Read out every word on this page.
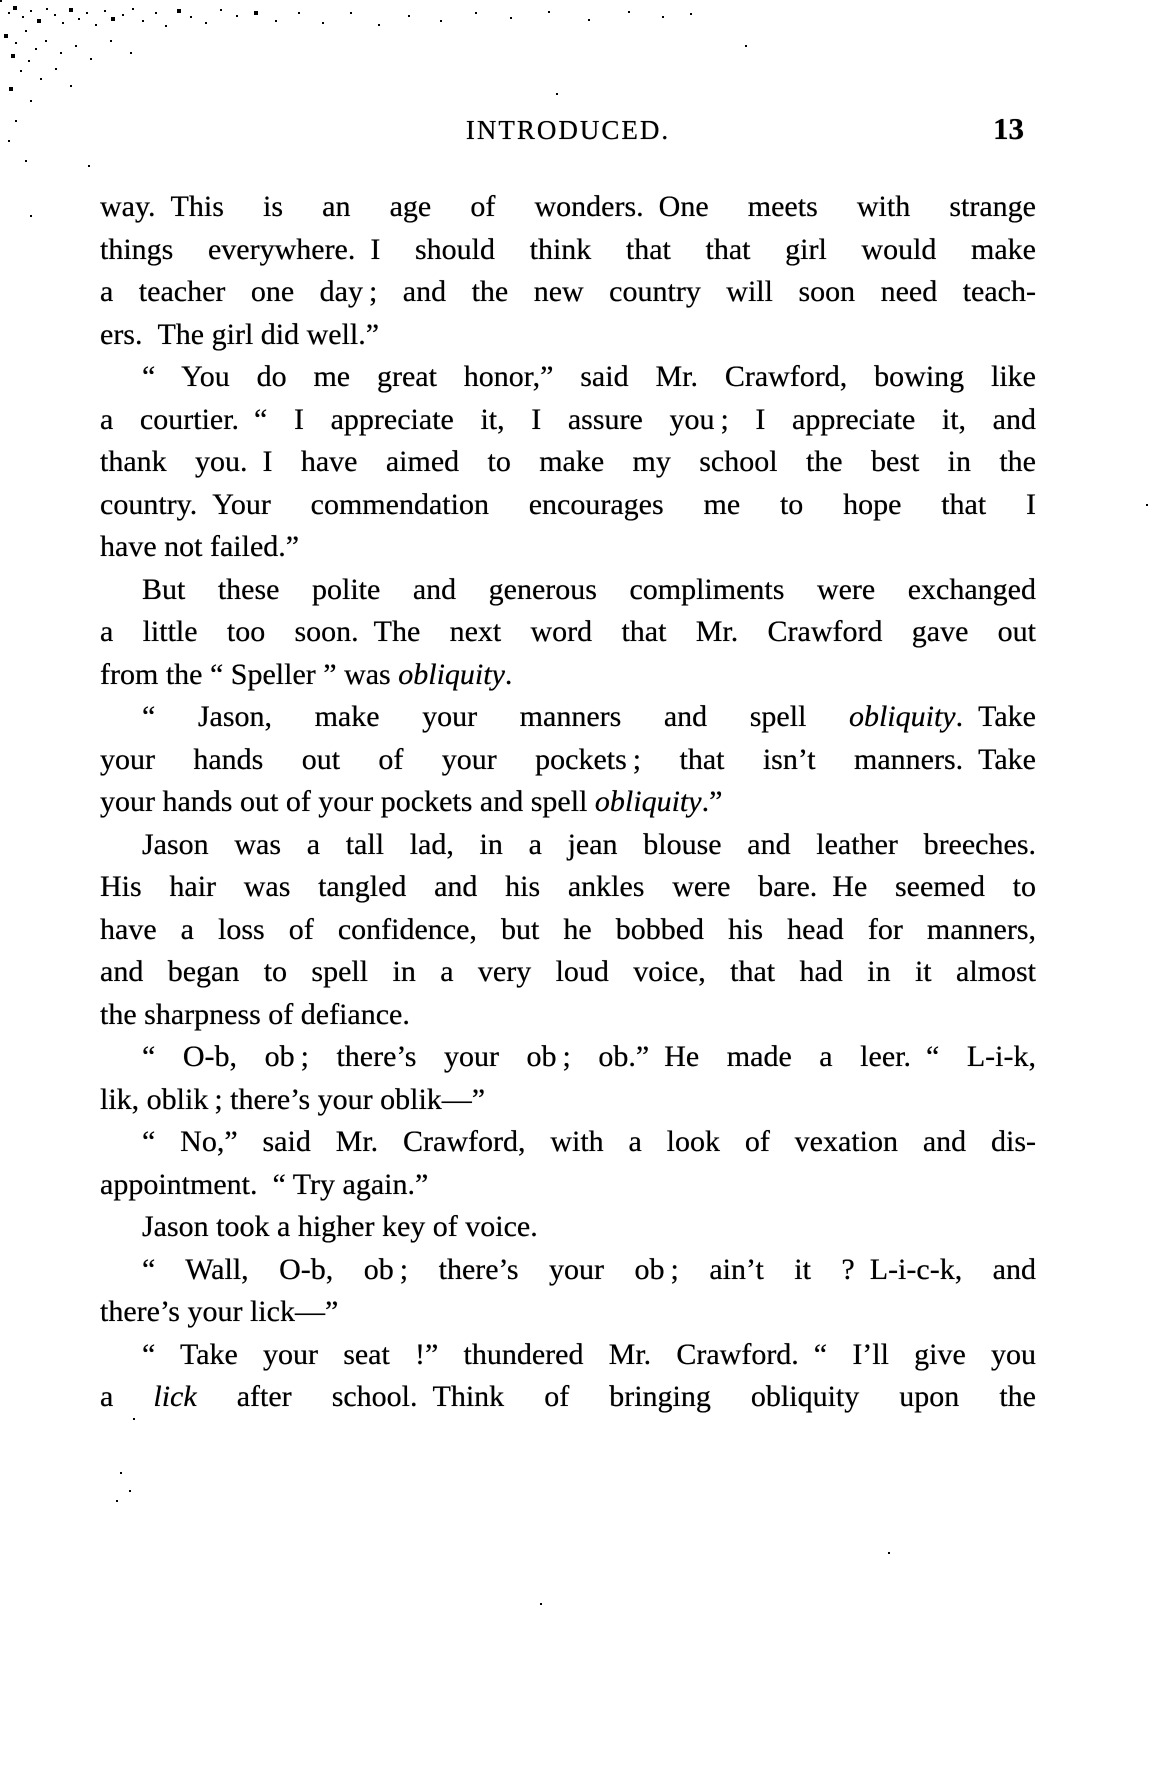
INTRODUCED.	13
way. This is an age of wonders. One meets with strange
things everywhere. I should think that that girl would make
a teacher one day ; and the new country will soon need teach-
ers. The girl did well.”
“ You do me great honor,” said Mr. Crawford, bowing like
a courtier. “ I appreciate it, I assure you ; I appreciate it, and
thank you. I have aimed to make my school the best in the
country. Your commendation encourages me to hope that I
have not failed.”
But these polite and generous compliments were exchanged
a little too soon. The next word that Mr. Crawford gave out
from the “ Speller ” was obliquity.
“ Jason, make your manners and spell obliquity. Take
your hands out of your pockets ; that isn’t manners. Take
your hands out of your pockets and spell obliquity.”
Jason was a tall lad, in a jean blouse and leather breeches.
His hair was tangled and his ankles were bare. He seemed to
have a loss of confidence, but he bobbed his head for manners,
and began to spell in a very loud voice, that had in it almost
the sharpness of defiance.
“ O-b, ob ; there’s your ob ; ob.” He made a leer. “ L-i-k,
lik, oblik ; there’s your oblik—”
“ No,” said Mr. Crawford, with a look of vexation and dis-
appointment. “ Try again.”
Jason took a higher key of voice.
“ Wall, O-b, ob ; there’s your ob ; ain’t it ? L-i-c-k, and
there’s your lick—”
“ Take your seat !” thundered Mr. Crawford. “ I’ll give you
a lick after school. Think of bringing obliquity upon the
